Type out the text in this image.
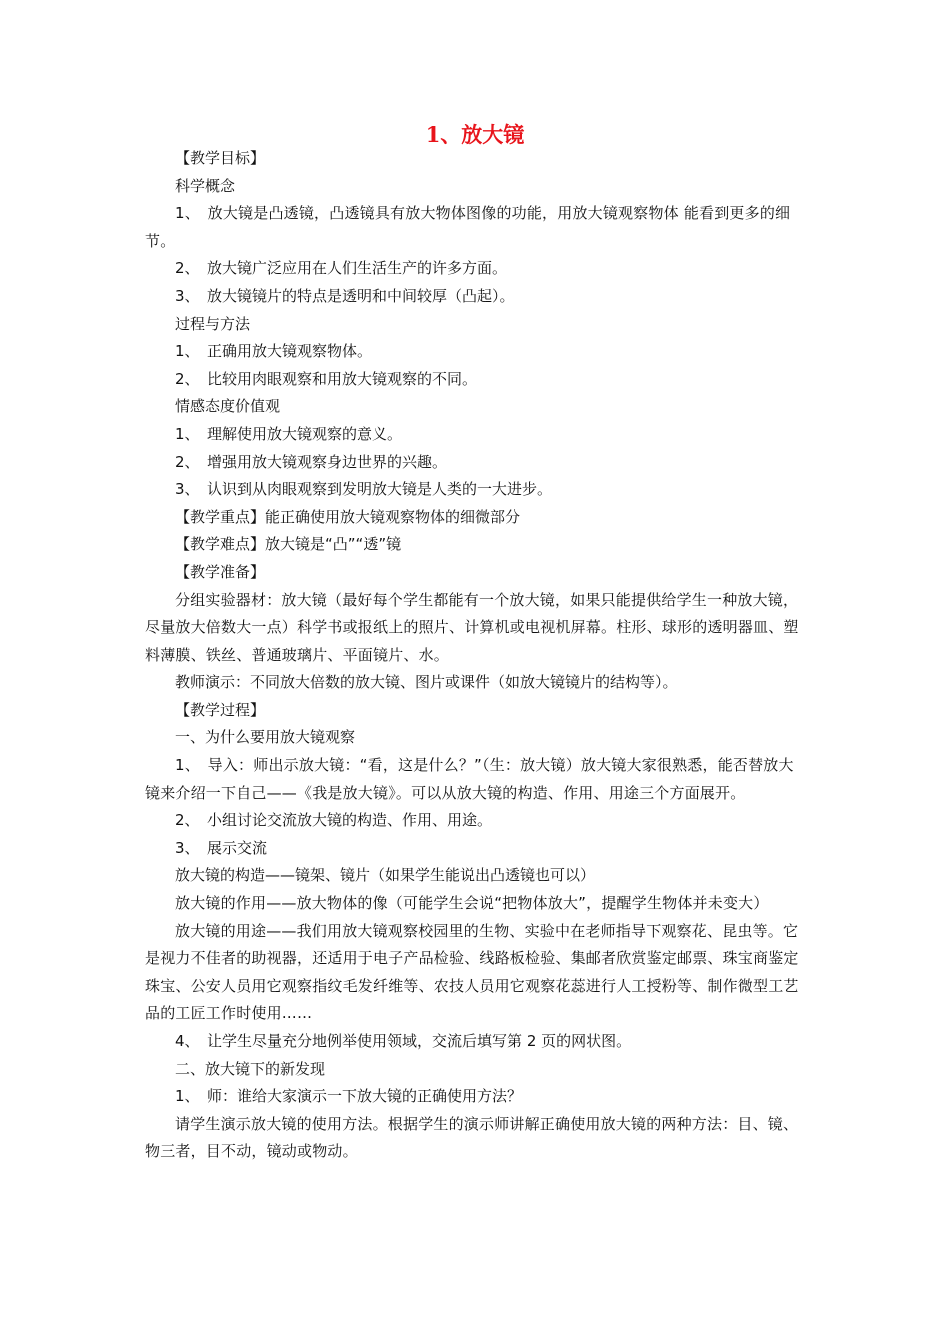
1、放大镜

【教学目标】

科学概念

1、　放大镜是凸透镜，凸透镜具有放大物体图像的功能，用放大镜观察物体 能看到更多的细节。

2、　放大镜广泛应用在人们生活生产的许多方面。

3、　放大镜镜片的特点是透明和中间较厚（凸起）。

过程与方法

1、　正确用放大镜观察物体。

2、　比较用肉眼观察和用放大镜观察的不同。

情感态度价值观

1、　理解使用放大镜观察的意义。

2、　增强用放大镜观察身边世界的兴趣。

3、　认识到从肉眼观察到发明放大镜是人类的一大进步。

【教学重点】能正确使用放大镜观察物体的细微部分

【教学难点】放大镜是“凸”“透”镜

【教学准备】

分组实验器材：放大镜（最好每个学生都能有一个放大镜，如果只能提供给学生一种放大镜，尽量放大倍数大一点）科学书或报纸上的照片、计算机或电视机屏幕。柱形、球形的透明器皿、塑料薄膜、铁丝、普通玻璃片、平面镜片、水。

教师演示：不同放大倍数的放大镜、图片或课件（如放大镜镜片的结构等）。

【教学过程】

一、为什么要用放大镜观察

1、　导入：师出示放大镜：“看，这是什么？”（生：放大镜）放大镜大家很熟悉，能否替放大镜来介绍一下自己——《我是放大镜》。可以从放大镜的构造、作用、用途三个方面展开。

2、　小组讨论交流放大镜的构造、作用、用途。

3、　展示交流

放大镜的构造——镜架、镜片（如果学生能说出凸透镜也可以）

放大镜的作用——放大物体的像（可能学生会说“把物体放大”，提醒学生物体并未变大）

放大镜的用途——我们用放大镜观察校园里的生物、实验中在老师指导下观察花、昆虫等。它是视力不佳者的助视器，还适用于电子产品检验、线路板检验、集邮者欣赏鉴定邮票、珠宝商鉴定珠宝、公安人员用它观察指纹毛发纤维等、农技人员用它观察花蕊进行人工授粉等、制作微型工艺品的工匠工作时使用……

4、　让学生尽量充分地例举使用领域，交流后填写第 2 页的网状图。

二、放大镜下的新发现

1、　师：谁给大家演示一下放大镜的正确使用方法？

请学生演示放大镜的使用方法。根据学生的演示师讲解正确使用放大镜的两种方法：目、镜、物三者，目不动，镜动或物动。
